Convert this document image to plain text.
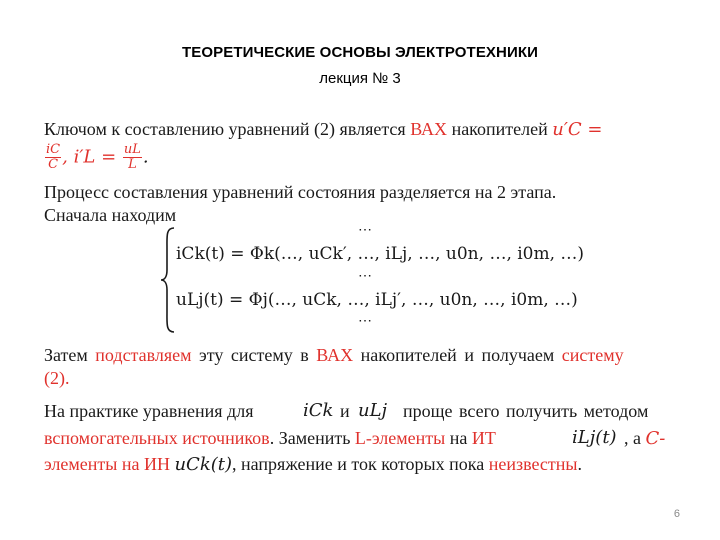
ТЕОРЕТИЧЕСКИЕ ОСНОВЫ ЭЛЕКТРОТЕХНИКИ
лекция № 3
Ключом к составлению уравнений (2) является ВАХ накопителей u′C =
$\frac{iC}{C}$ , $i'L = \frac{uL}{L}$ .
Процесс составления уравнений состояния разделяется на 2 этапа.
Сначала находим
⋯
iCk(t) = Φk(…, uCk′, …, iLj, …, u0n, …, i0m, …)
⋯
uLj(t) = Φj(…, uCk, …, iLj′, …, u0n, …, i0m, …)
⋯
Затем подставляем эту систему в ВАХ накопителей и получаем систему
(2).
На практике уравнения для	iCk и uLj проще всего получить методом
вспомогательных источников. Заменить L-элементы на ИТ	iLj(t) , а C-
элементы на ИН uCk(t), напряжение и ток которых пока неизвестны.
6
